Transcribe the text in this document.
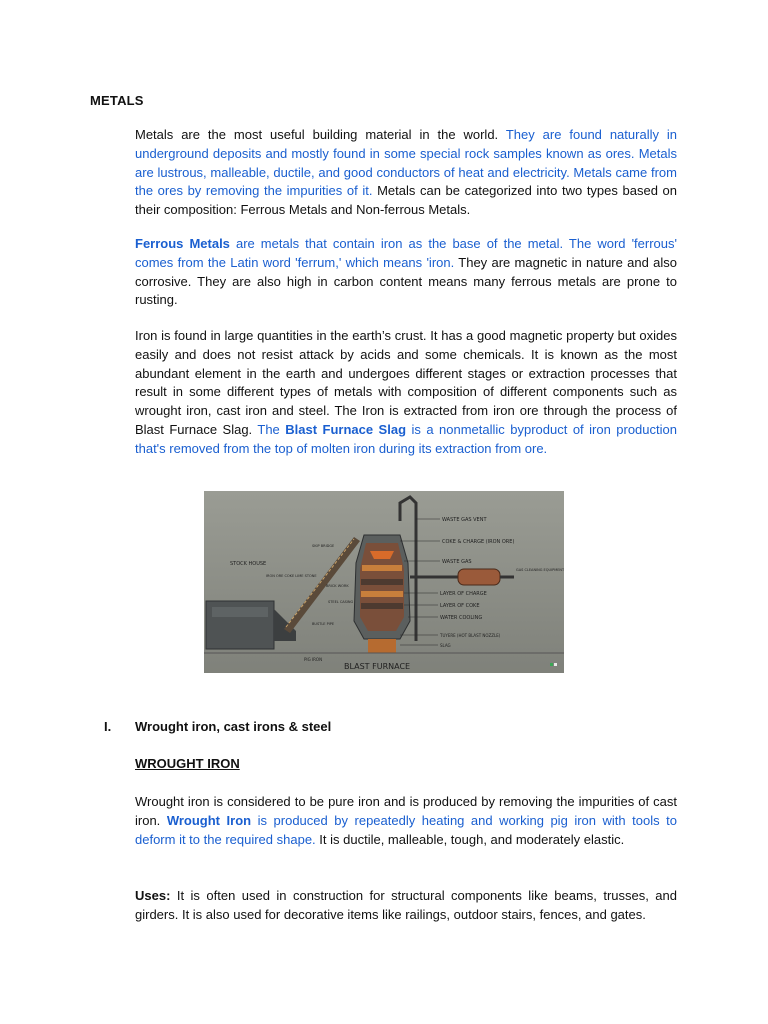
METALS

Metals are the most useful building material in the world. They are found naturally in underground deposits and mostly found in some special rock samples known as ores. Metals are lustrous, malleable, ductile, and good conductors of heat and electricity. Metals came from the ores by removing the impurities of it. Metals can be categorized into two types based on their composition: Ferrous Metals and Non-ferrous Metals.

Ferrous Metals are metals that contain iron as the base of the metal. The word 'ferrous' comes from the Latin word 'ferrum,' which means 'iron. They are magnetic in nature and also corrosive. They are also high in carbon content means many ferrous metals are prone to rusting.

Iron is found in large quantities in the earth’s crust. It has a good magnetic property but oxides easily and does not resist attack by acids and some chemicals. It is known as the most abundant element in the earth and undergoes different stages or extraction processes that result in some different types of metals with composition of different components such as wrought iron, cast iron and steel. The Iron is extracted from iron ore through the process of Blast Furnace Slag. The Blast Furnace Slag is a nonmetallic byproduct of iron production that's removed from the top of molten iron during its extraction from ore.

WASTE GAS VENT
COKE & CHARGE (IRON ORE)
WASTE GAS
GAS CLEANING EQUIPMENT
LAYER OF CHARGE
LAYER OF COKE
WATER COOLING
TUYERE (HOT BLAST NOZZLE)
SLAG
STOCK HOUSE
IRON ORE COKE LIME STONE
SKIP BRIDGE
BRICK WORK
STEEL CASING
BUSTLE PIPE
PIG IRON
BLAST FURNACE
I. Wrought iron, cast irons & steel
WROUGHT IRON

Wrought iron is considered to be pure iron and is produced by removing the impurities of cast iron. Wrought Iron is produced by repeatedly heating and working pig iron with tools to deform it to the required shape. It is ductile, malleable, tough, and moderately elastic.

Uses: It is often used in construction for structural components like beams, trusses, and girders. It is also used for decorative items like railings, outdoor stairs, fences, and gates.
